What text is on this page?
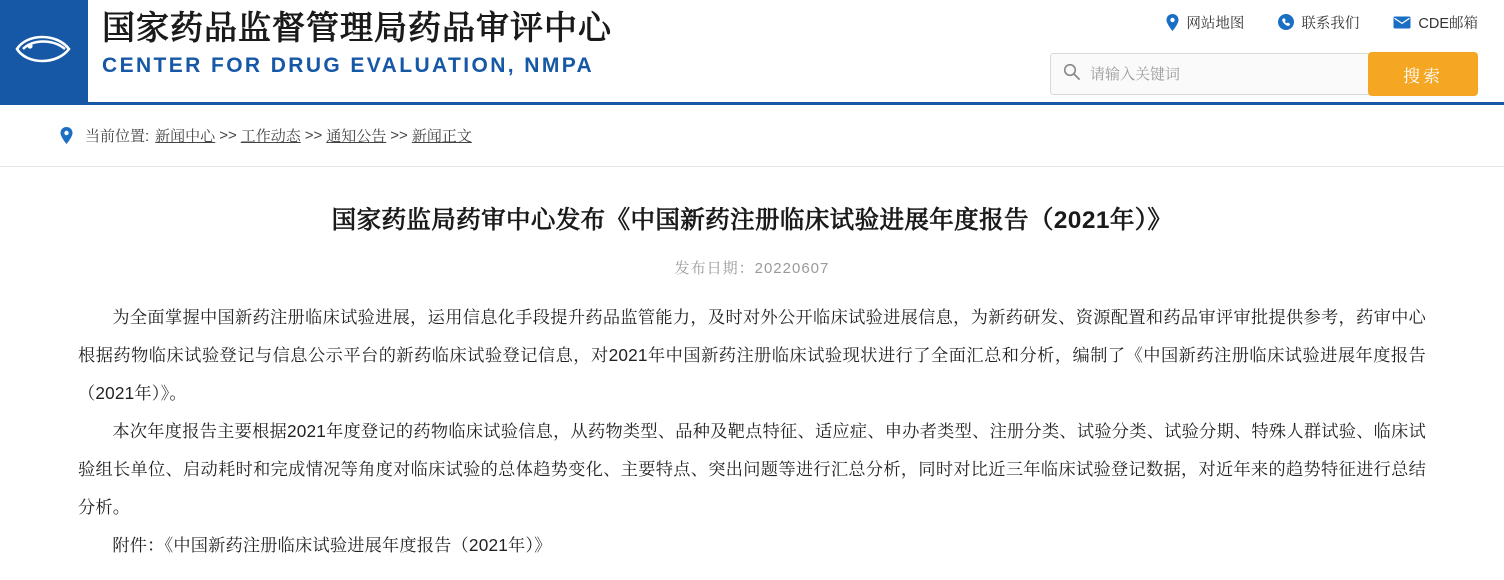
国家药品监督管理局药品审评中心
CENTER FOR DRUG EVALUATION, NMPA
网站地图	联系我们	CDE邮箱
请输入关键词
搜索
当前位置: 新闻中心 >> 工作动态 >> 通知公告 >> 新闻正文
国家药监局药审中心发布《中国新药注册临床试验进展年度报告（2021年）》
发布日期：20220607

为全面掌握中国新药注册临床试验进展，运用信息化手段提升药品监管能力，及时对外公开临床试验进展信息，为新药研发、资源配置和药品审评审批提供参考，药审中心根据药物临床试验登记与信息公示平台的新药临床试验登记信息，对2021年中国新药注册临床试验现状进行了全面汇总和分析，编制了《中国新药注册临床试验进展年度报告（2021年）》。

本次年度报告主要根据2021年度登记的药物临床试验信息，从药物类型、品种及靶点特征、适应症、申办者类型、注册分类、试验分类、试验分期、特殊人群试验、临床试验组长单位、启动耗时和完成情况等角度对临床试验的总体趋势变化、主要特点、突出问题等进行汇总分析，同时对比近三年临床试验登记数据，对近年来的趋势特征进行总结分析。

附件：《中国新药注册临床试验进展年度报告（2021年）》
